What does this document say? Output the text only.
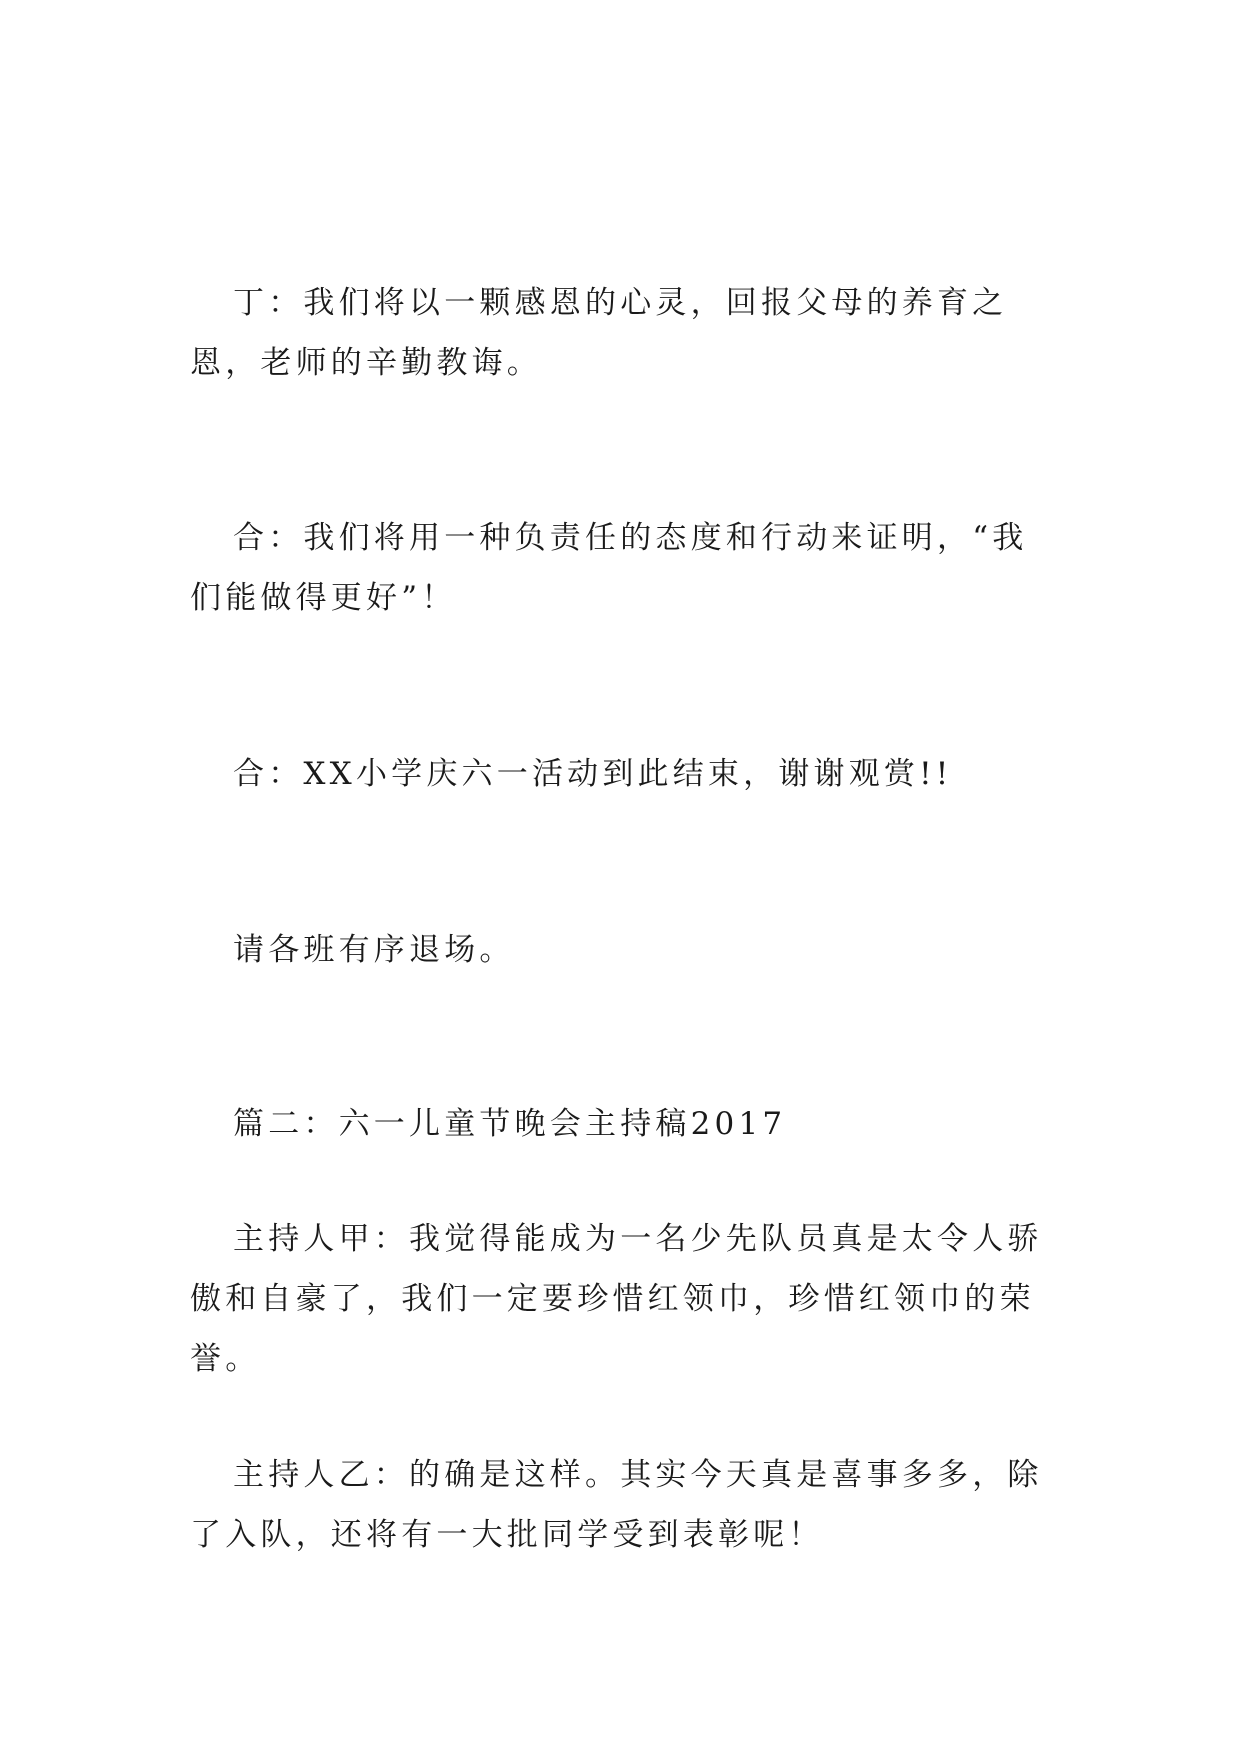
丁：我们将以一颗感恩的心灵，回报父母的养育之恩，老师的辛勤教诲。

合：我们将用一种负责任的态度和行动来证明，“我们能做得更好”！

合：XX小学庆六一活动到此结束，谢谢观赏!!

请各班有序退场。

篇二：六一儿童节晚会主持稿2017

主持人甲：我觉得能成为一名少先队员真是太令人骄傲和自豪了，我们一定要珍惜红领巾，珍惜红领巾的荣誉。

主持人乙：的确是这样。其实今天真是喜事多多，除了入队，还将有一大批同学受到表彰呢！
